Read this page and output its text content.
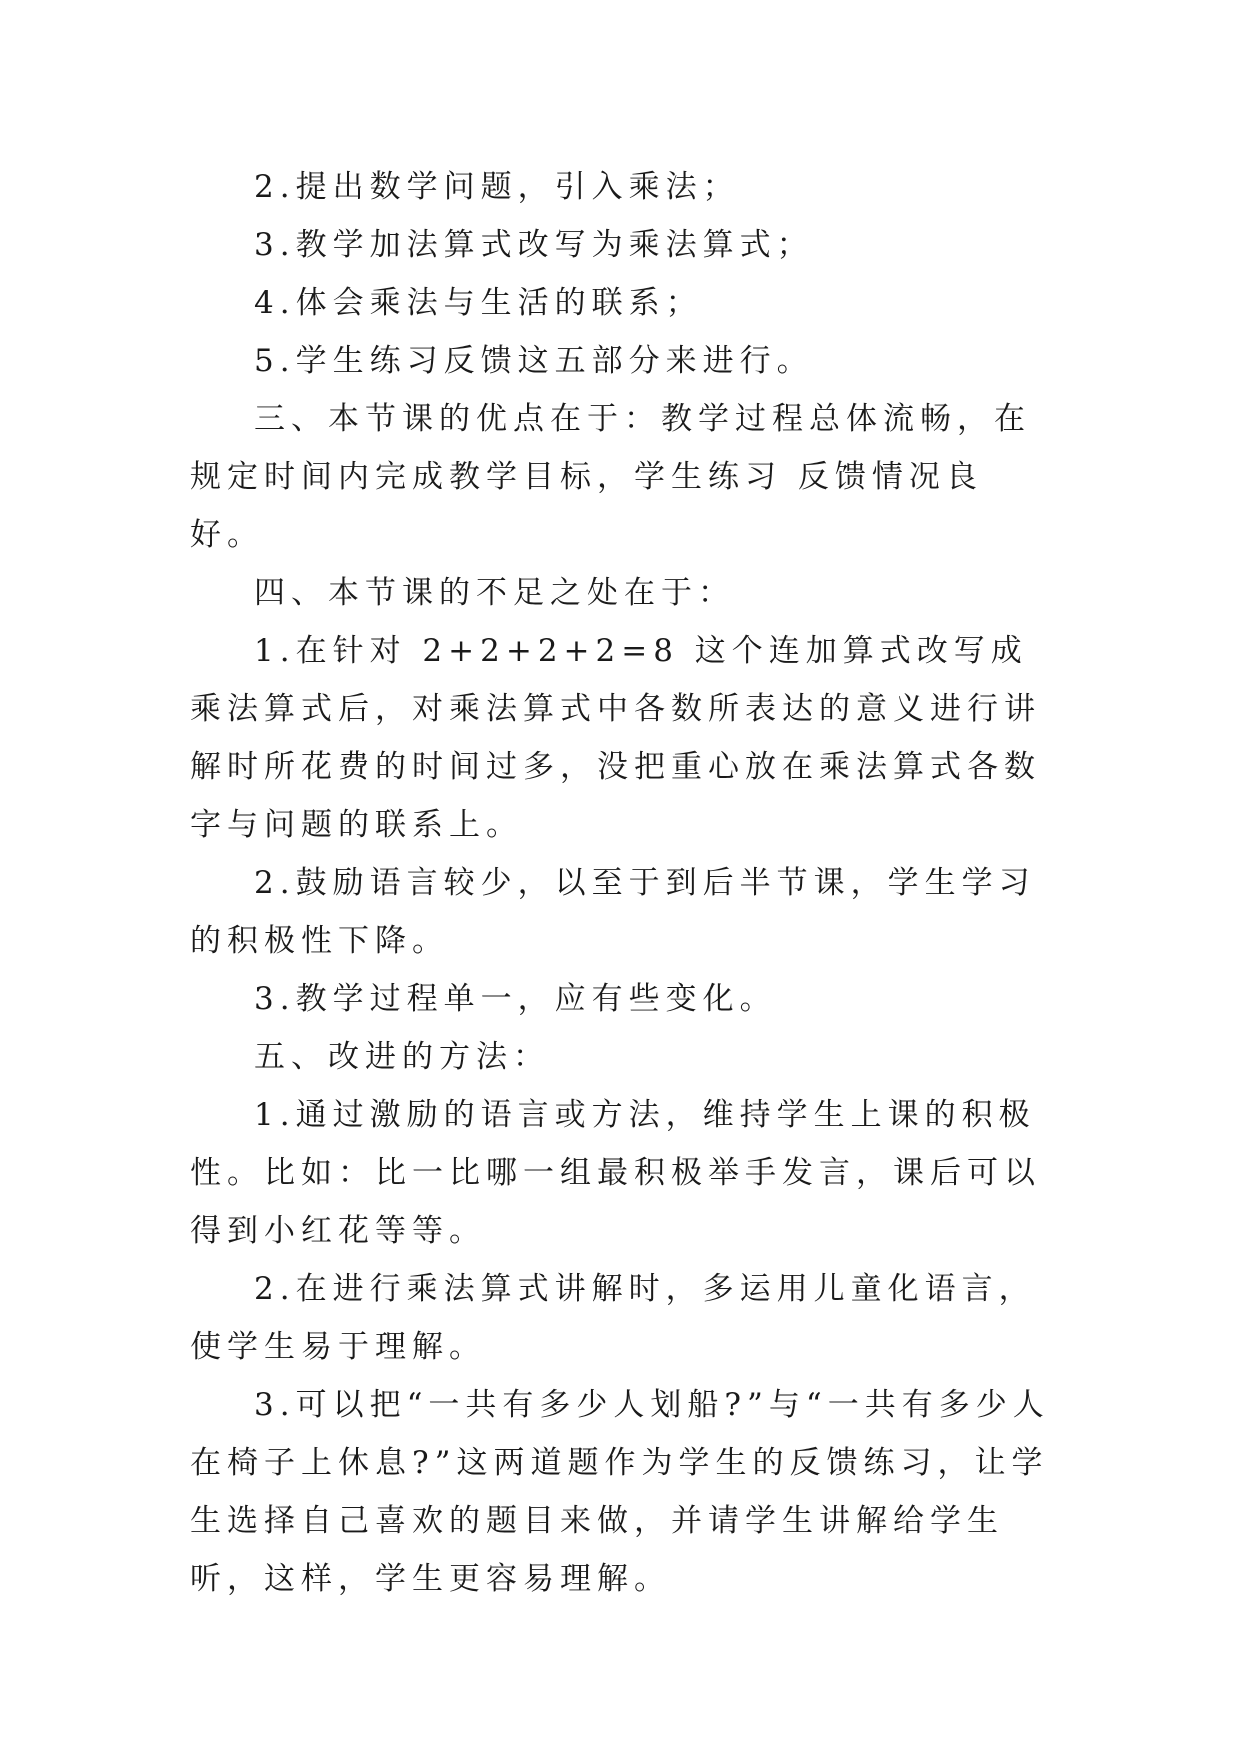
2.提出数学问题，引入乘法；

3.教学加法算式改写为乘法算式；

4.体会乘法与生活的联系；

5.学生练习反馈这五部分来进行。

三、本节课的优点在于：教学过程总体流畅，在规定时间内完成教学目标，学生练习 反馈情况良好。

四、本节课的不足之处在于：

1.在针对 2+2+2+2=8 这个连加算式改写成乘法算式后，对乘法算式中各数所表达的意义进行讲解时所花费的时间过多，没把重心放在乘法算式各数字与问题的联系上。

2.鼓励语言较少，以至于到后半节课，学生学习的积极性下降。

3.教学过程单一，应有些变化。

五、改进的方法：

1.通过激励的语言或方法，维持学生上课的积极性。比如：比一比哪一组最积极举手发言，课后可以得到小红花等等。

2.在进行乘法算式讲解时，多运用儿童化语言，使学生易于理解。

3.可以把“一共有多少人划船?”与“一共有多少人在椅子上休息?”这两道题作为学生的反馈练习，让学生选择自己喜欢的题目来做，并请学生讲解给学生听，这样，学生更容易理解。
